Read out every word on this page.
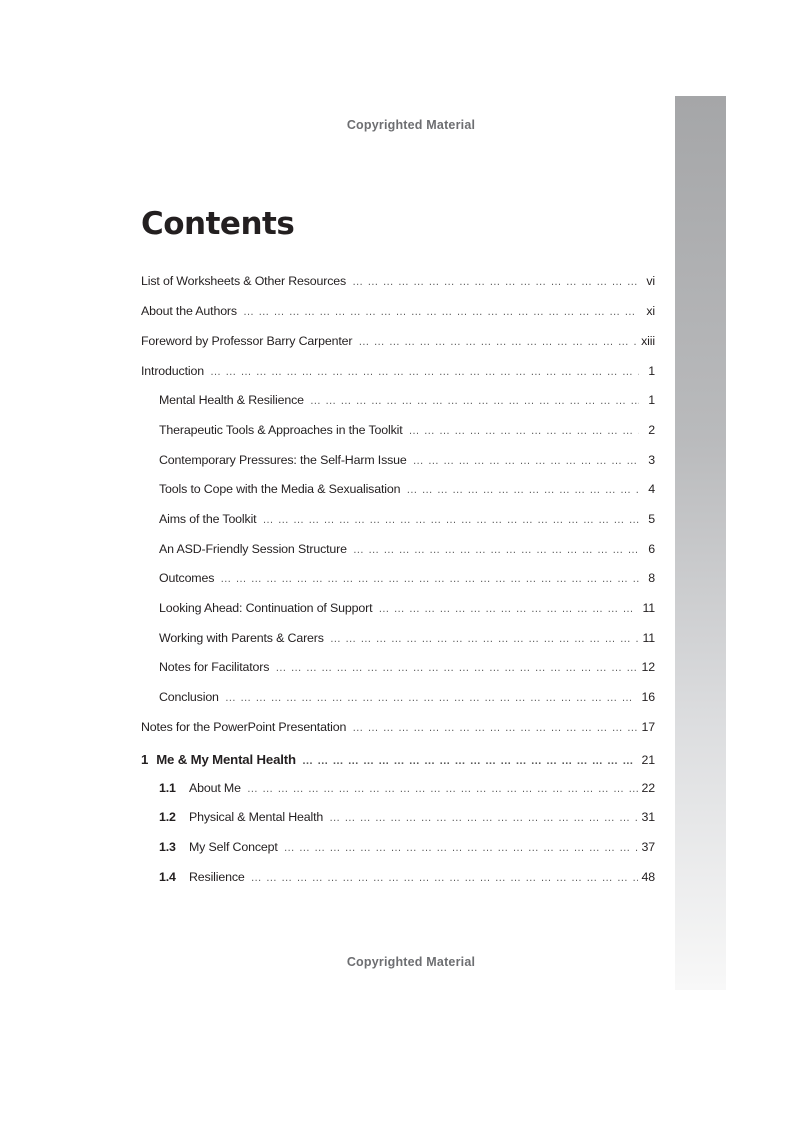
Copyrighted Material
Contents
List of Worksheets & Other Resources … … … … … … … … … … … … … … … … … … … … … … … … … … … … … … … … … … … … … … … … … … … …	vi
About the Authors … … … … … … … … … … … … … … … … … … … … … … … … … … … … … … … … … … … … … … … … … … … …	xi
Foreword by Professor Barry Carpenter … … … … … … … … … … … … … … … … … … … … … … … … … … … … … … … … … … … … … … … … … … … …	xiii
Introduction … … … … … … … … … … … … … … … … … … … … … … … … … … … … … … … … … … … … … … … … … … … …	1
Mental Health & Resilience … … … … … … … … … … … … … … … … … … … … … … … … … … … … … … … … … … … … … … … … … … … …	1
Therapeutic Tools & Approaches in the Toolkit … … … … … … … … … … … … … … … … … … … … … … … … … … … … … … … … … … … … … … … … … … … …	2
Contemporary Pressures: the Self-Harm Issue … … … … … … … … … … … … … … … … … … … … … … … … … … … … … … … … … … … … … … … … … … … …	3
Tools to Cope with the Media & Sexualisation … … … … … … … … … … … … … … … … … … … … … … … … … … … … … … … … … … … … … … … … … … … …	4
Aims of the Toolkit … … … … … … … … … … … … … … … … … … … … … … … … … … … … … … … … … … … … … … … … … … … …	5
An ASD-Friendly Session Structure … … … … … … … … … … … … … … … … … … … … … … … … … … … … … … … … … … … … … … … … … … … …	6
Outcomes … … … … … … … … … … … … … … … … … … … … … … … … … … … … … … … … … … … … … … … … … … … …	8
Looking Ahead: Continuation of Support … … … … … … … … … … … … … … … … … … … … … … … … … … … … … … … … … … … … … … … … … … … …	11
Working with Parents & Carers … … … … … … … … … … … … … … … … … … … … … … … … … … … … … … … … … … … … … … … … … … … …	11
Notes for Facilitators … … … … … … … … … … … … … … … … … … … … … … … … … … … … … … … … … … … … … … … … … … … …	12
Conclusion … … … … … … … … … … … … … … … … … … … … … … … … … … … … … … … … … … … … … … … … … … … …	16
Notes for the PowerPoint Presentation … … … … … … … … … … … … … … … … … … … … … … … … … … … … … … … … … … … … … … … … … … … …	17
1 Me & My Mental Health … … … … … … … … … … … … … … … … … … … … … … … … … … … … … … … … … … … … … … … … … … … …	21
1.1	About Me … … … … … … … … … … … … … … … … … … … … … … … … … … … … … … … … … … … … … … … … … … … …	22
1.2	Physical & Mental Health … … … … … … … … … … … … … … … … … … … … … … … … … … … … … … … … … … … … … … … … … … … …	31
1.3	My Self Concept … … … … … … … … … … … … … … … … … … … … … … … … … … … … … … … … … … … … … … … … … … … …	37
1.4	Resilience … … … … … … … … … … … … … … … … … … … … … … … … … … … … … … … … … … … … … … … … … … … …	48
Copyrighted Material
